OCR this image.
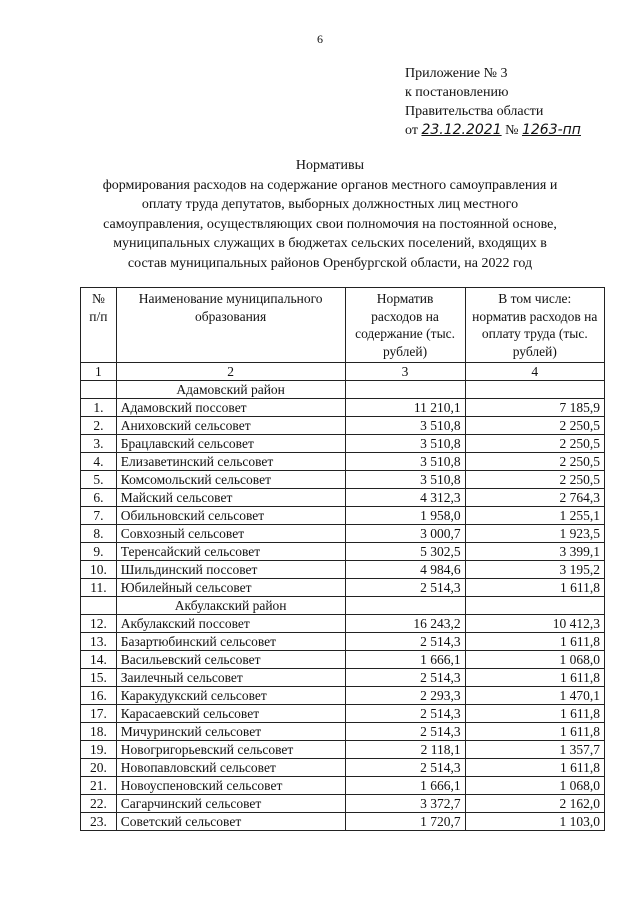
6
Приложение № 3
к постановлению
Правительства области
от 23.12.2021 № 1263-пп
Нормативы
формирования расходов на содержание органов местного самоуправления и
оплату труда депутатов, выборных должностных лиц местного
самоуправления, осуществляющих свои полномочия на постоянной основе,
муниципальных служащих в бюджетах сельских поселений, входящих в
состав муниципальных районов Оренбургской области, на 2022 год
№ п/п	Наименование муниципального образования	Норматив расходов на содержание (тыс. рублей)	В том числе: норматив расходов на оплату труда (тыс. рублей)
1	2	3	4
	Адамовский район		
1.	Адамовский поссовет	11 210,1	7 185,9
2.	Аниховский сельсовет	3 510,8	2 250,5
3.	Брацлавский сельсовет	3 510,8	2 250,5
4.	Елизаветинский сельсовет	3 510,8	2 250,5
5.	Комсомольский сельсовет	3 510,8	2 250,5
6.	Майский сельсовет	4 312,3	2 764,3
7.	Обильновский сельсовет	1 958,0	1 255,1
8.	Совхозный сельсовет	3 000,7	1 923,5
9.	Теренсайский сельсовет	5 302,5	3 399,1
10.	Шильдинский поссовет	4 984,6	3 195,2
11.	Юбилейный сельсовет	2 514,3	1 611,8
	Акбулакский район		
12.	Акбулакский поссовет	16 243,2	10 412,3
13.	Базартюбинский сельсовет	2 514,3	1 611,8
14.	Васильевский сельсовет	1 666,1	1 068,0
15.	Заилечный сельсовет	2 514,3	1 611,8
16.	Каракудукский сельсовет	2 293,3	1 470,1
17.	Карасаевский сельсовет	2 514,3	1 611,8
18.	Мичуринский сельсовет	2 514,3	1 611,8
19.	Новогригорьевский сельсовет	2 118,1	1 357,7
20.	Новопавловский сельсовет	2 514,3	1 611,8
21.	Новоуспеновский сельсовет	1 666,1	1 068,0
22.	Сагарчинский сельсовет	3 372,7	2 162,0
23.	Советский сельсовет	1 720,7	1 103,0
